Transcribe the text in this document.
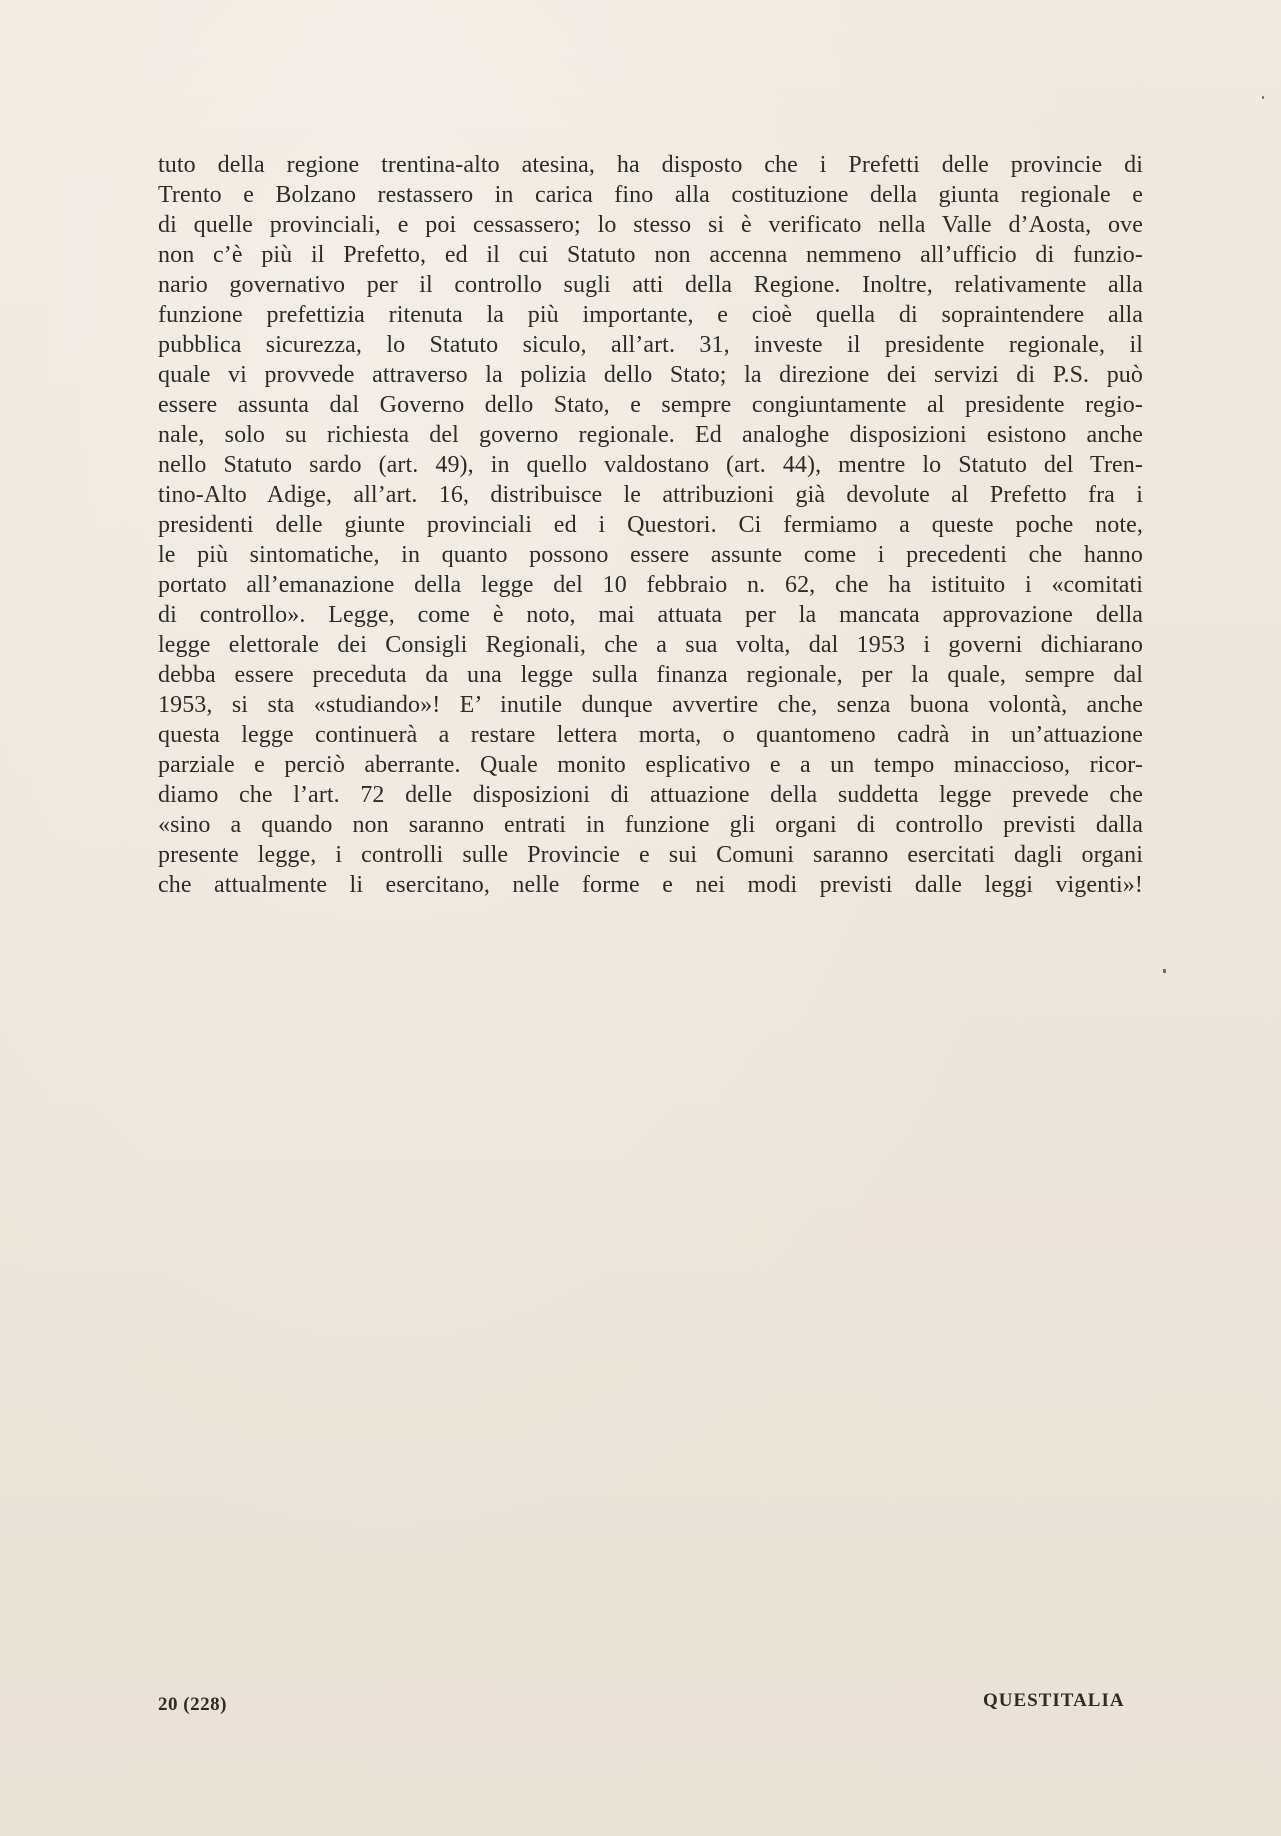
tuto della regione trentina-alto atesina, ha disposto che i Prefetti delle provincie di
Trento e Bolzano restassero in carica fino alla costituzione della giunta regionale e
di quelle provinciali, e poi cessassero; lo stesso si è verificato nella Valle d’Aosta, ove
non c’è più il Prefetto, ed il cui Statuto non accenna nemmeno all’ufficio di funzio-
nario governativo per il controllo sugli atti della Regione. Inoltre, relativamente alla
funzione prefettizia ritenuta la più importante, e cioè quella di sopraintendere alla
pubblica sicurezza, lo Statuto siculo, all’art. 31, investe il presidente regionale, il
quale vi provvede attraverso la polizia dello Stato; la direzione dei servizi di P.S. può
essere assunta dal Governo dello Stato, e sempre congiuntamente al presidente regio-
nale, solo su richiesta del governo regionale. Ed analoghe disposizioni esistono anche
nello Statuto sardo (art. 49), in quello valdostano (art. 44), mentre lo Statuto del Tren-
tino-Alto Adige, all’art. 16, distribuisce le attribuzioni già devolute al Prefetto fra i
presidenti delle giunte provinciali ed i Questori. Ci fermiamo a queste poche note,
le più sintomatiche, in quanto possono essere assunte come i precedenti che hanno
portato all’emanazione della legge del 10 febbraio n. 62, che ha istituito i «comitati
di controllo». Legge, come è noto, mai attuata per la mancata approvazione della
legge elettorale dei Consigli Regionali, che a sua volta, dal 1953 i governi dichiarano
debba essere preceduta da una legge sulla finanza regionale, per la quale, sempre dal
1953, si sta «studiando»! E’ inutile dunque avvertire che, senza buona volontà, anche
questa legge continuerà a restare lettera morta, o quantomeno cadrà in un’attuazione
parziale e perciò aberrante. Quale monito esplicativo e a un tempo minaccioso, ricor-
diamo che l’art. 72 delle disposizioni di attuazione della suddetta legge prevede che
«sino a quando non saranno entrati in funzione gli organi di controllo previsti dalla
presente legge, i controlli sulle Provincie e sui Comuni saranno esercitati dagli organi
che attualmente li esercitano, nelle forme e nei modi previsti dalle leggi vigenti»!

20 (228)	QUESTITALIA
